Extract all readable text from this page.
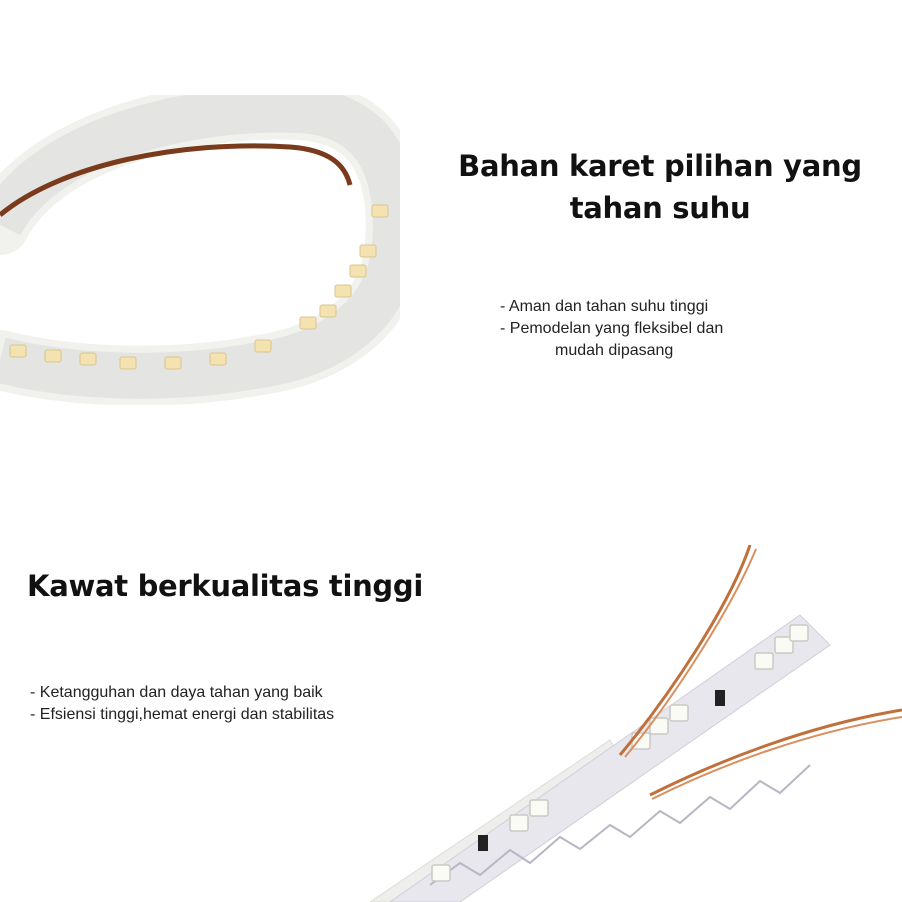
Bahan karet pilihan yang
tahan suhu
- Aman dan tahan suhu tinggi
- Pemodelan yang fleksibel dan
mudah dipasang
Kawat berkualitas tinggi
- Ketangguhan dan daya tahan yang baik
- Efsiensi tinggi,hemat energi dan stabilitas
